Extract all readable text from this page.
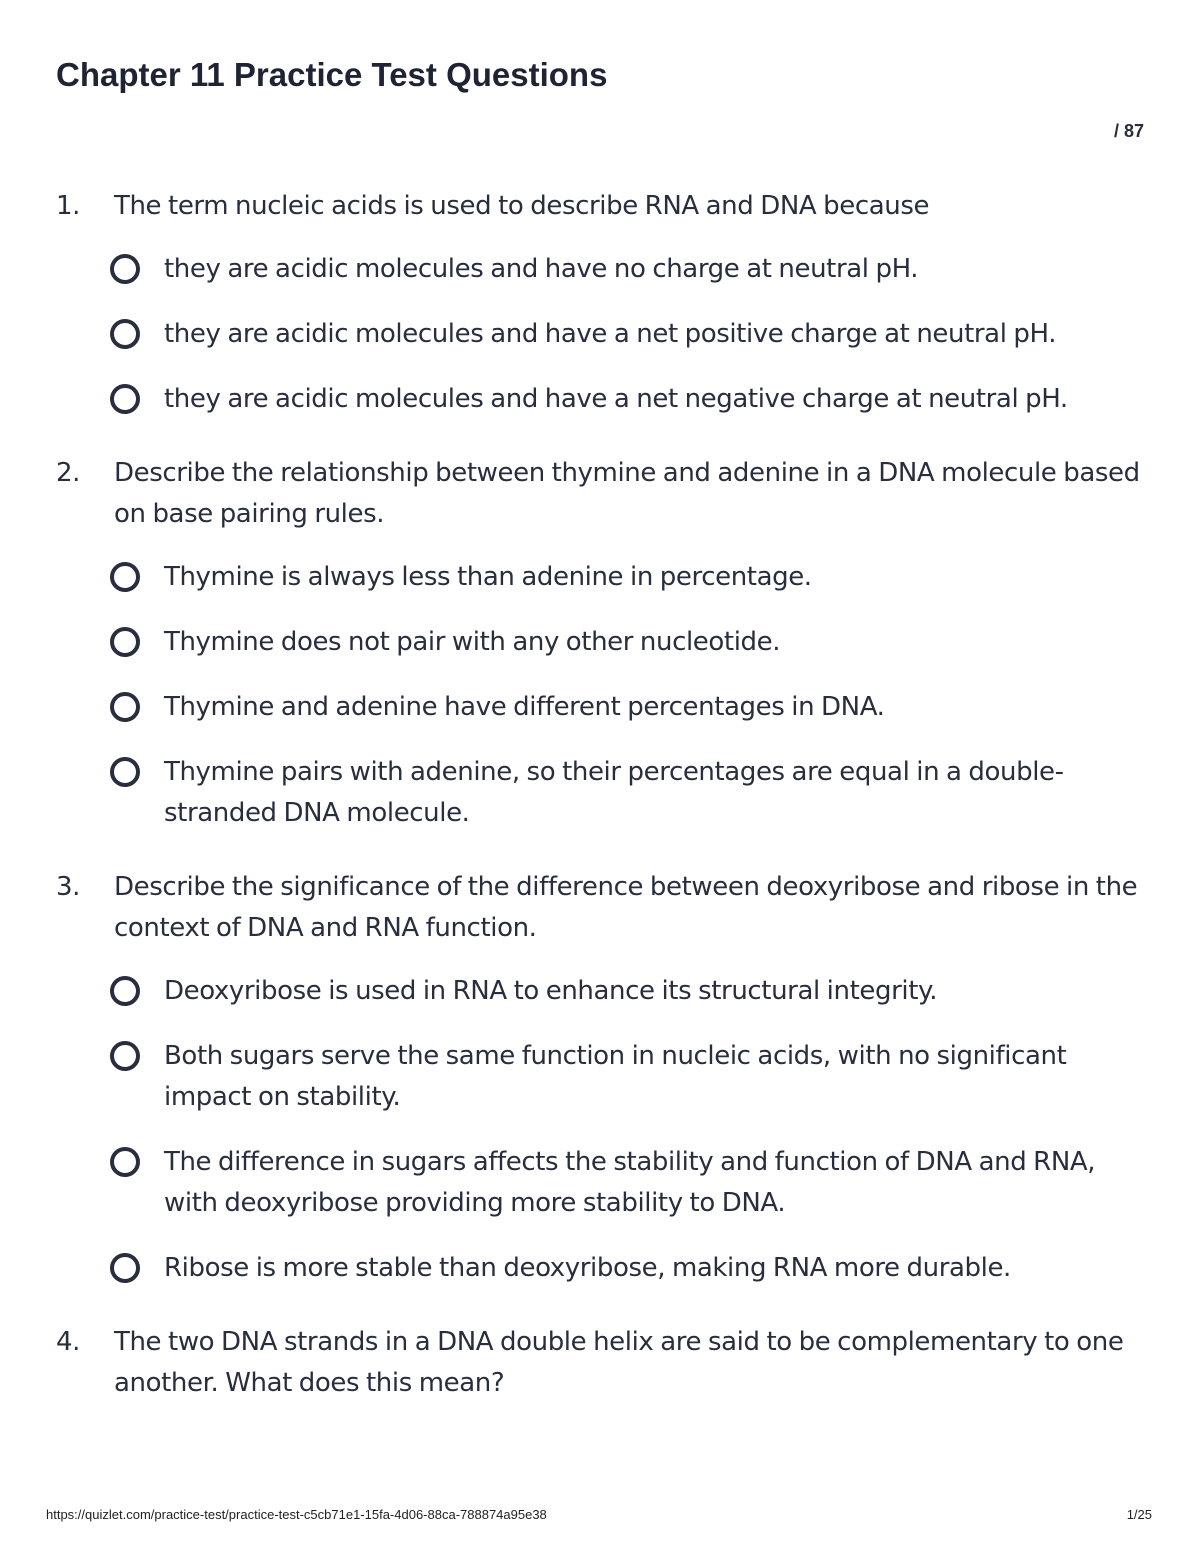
Chapter 11 Practice Test Questions
/ 87
1.	The term nucleic acids is used to describe RNA and DNA because
they are acidic molecules and have no charge at neutral pH.
they are acidic molecules and have a net positive charge at neutral pH.
they are acidic molecules and have a net negative charge at neutral pH.
2.	Describe the relationship between thymine and adenine in a DNA molecule based on base pairing rules.
Thymine is always less than adenine in percentage.
Thymine does not pair with any other nucleotide.
Thymine and adenine have different percentages in DNA.
Thymine pairs with adenine, so their percentages are equal in a double-stranded DNA molecule.
3.	Describe the significance of the difference between deoxyribose and ribose in the context of DNA and RNA function.
Deoxyribose is used in RNA to enhance its structural integrity.
Both sugars serve the same function in nucleic acids, with no significant impact on stability.
The difference in sugars affects the stability and function of DNA and RNA, with deoxyribose providing more stability to DNA.
Ribose is more stable than deoxyribose, making RNA more durable.
4.	The two DNA strands in a DNA double helix are said to be complementary to one another. What does this mean?
https://quizlet.com/practice-test/practice-test-c5cb71e1-15fa-4d06-88ca-788874a95e38	1/25
